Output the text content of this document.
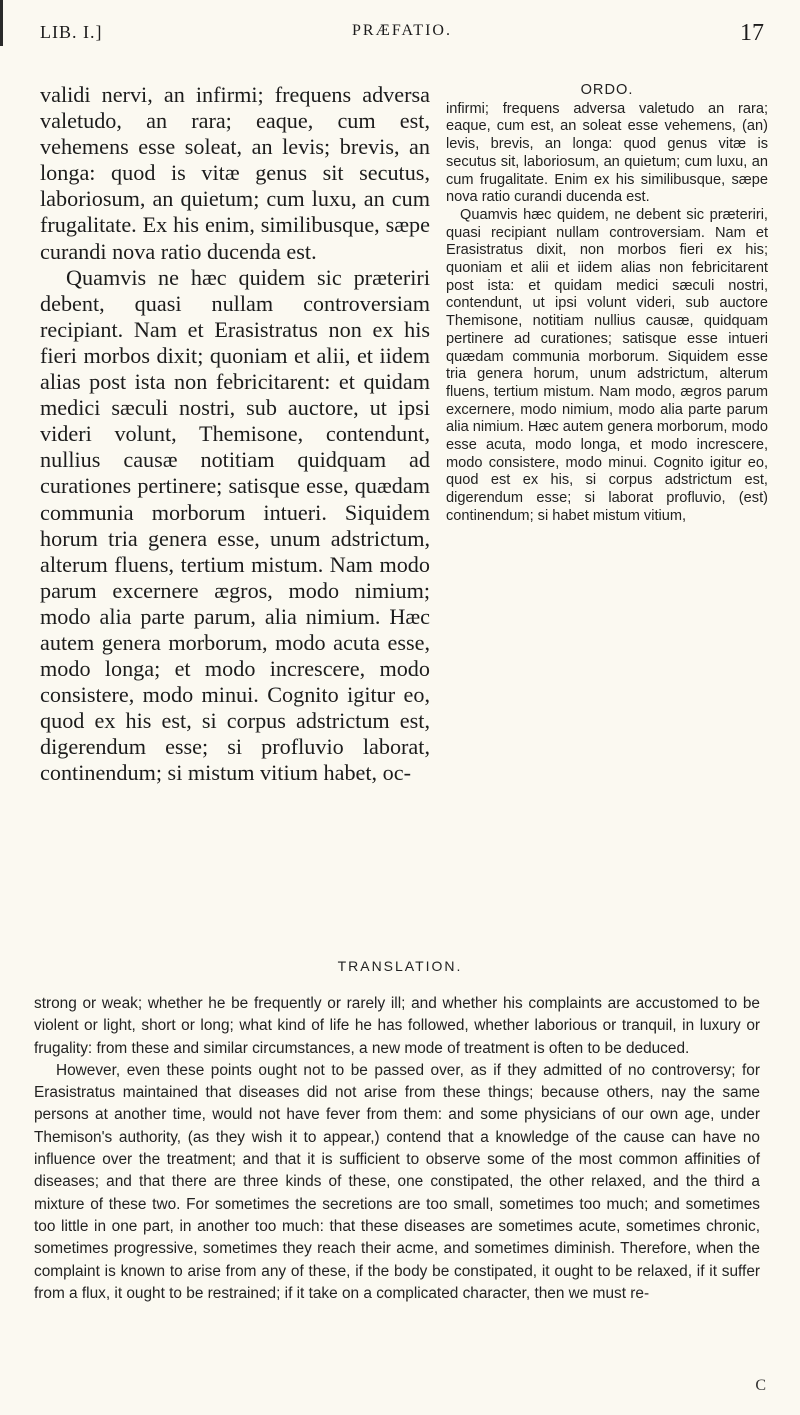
LIB. I.]	PRÆFATIO.	17

validi nervi, an infirmi; frequens adversa valetudo, an rara; eaque, cum est, vehemens esse soleat, an levis; brevis, an longa: quod is vitæ genus sit secutus, laboriosum, an quietum; cum luxu, an cum frugalitate. Ex his enim, similibusque, sæpe curandi nova ratio ducenda est.

Quamvis ne hæc quidem sic præteriri debent, quasi nullam controversiam recipiant. Nam et Erasistratus non ex his fieri morbos dixit; quoniam et alii, et iidem alias post ista non febricitarent: et quidam medici sæculi nostri, sub auctore, ut ipsi videri volunt, Themisone, contendunt, nullius causæ notitiam quidquam ad curationes pertinere; satisque esse, quædam communia morborum intueri. Siquidem horum tria genera esse, unum adstrictum, alterum fluens, tertium mistum. Nam modo parum excernere ægros, modo nimium; modo alia parte parum, alia nimium. Hæc autem genera morborum, modo acuta esse, modo longa; et modo increscere, modo consistere, modo minui. Cognito igitur eo, quod ex his est, si corpus adstrictum est, digerendum esse; si profluvio laborat, continendum; si mistum vitium habet, oc-

ORDO.

infirmi; frequens adversa valetudo an rara; eaque, cum est, an soleat esse vehemens, (an) levis, brevis, an longa: quod genus vitæ is secutus sit, laboriosum, an quietum; cum luxu, an cum frugalitate. Enim ex his similibusque, sæpe nova ratio curandi ducenda est.

Quamvis hæc quidem, ne debent sic præteriri, quasi recipiant nullam controversiam. Nam et Erasistratus dixit, non morbos fieri ex his; quoniam et alii et iidem alias non febricitarent post ista: et quidam medici sæculi nostri, contendunt, ut ipsi volunt videri, sub auctore Themisone, notitiam nullius causæ, quidquam pertinere ad curationes; satisque esse intueri quædam communia morborum. Siquidem esse tria genera horum, unum adstrictum, alterum fluens, tertium mistum. Nam modo, ægros parum excernere, modo nimium, modo alia parte parum alia nimium. Hæc autem genera morborum, modo esse acuta, modo longa, et modo increscere, modo consistere, modo minui. Cognito igitur eo, quod est ex his, si corpus adstrictum est, digerendum esse; si laborat profluvio, (est) continendum; si habet mistum vitium,

TRANSLATION.

strong or weak; whether he be frequently or rarely ill; and whether his complaints are accustomed to be violent or light, short or long; what kind of life he has followed, whether laborious or tranquil, in luxury or frugality: from these and similar circumstances, a new mode of treatment is often to be deduced.

However, even these points ought not to be passed over, as if they admitted of no controversy; for Erasistratus maintained that diseases did not arise from these things; because others, nay the same persons at another time, would not have fever from them: and some physicians of our own age, under Themison's authority, (as they wish it to appear,) contend that a knowledge of the cause can have no influence over the treatment; and that it is sufficient to observe some of the most common affinities of diseases; and that there are three kinds of these, one constipated, the other relaxed, and the third a mixture of these two. For sometimes the secretions are too small, sometimes too much; and sometimes too little in one part, in another too much: that these diseases are sometimes acute, sometimes chronic, sometimes progressive, sometimes they reach their acme, and sometimes diminish. Therefore, when the complaint is known to arise from any of these, if the body be constipated, it ought to be relaxed, if it suffer from a flux, it ought to be restrained; if it take on a complicated character, then we must re-

C
